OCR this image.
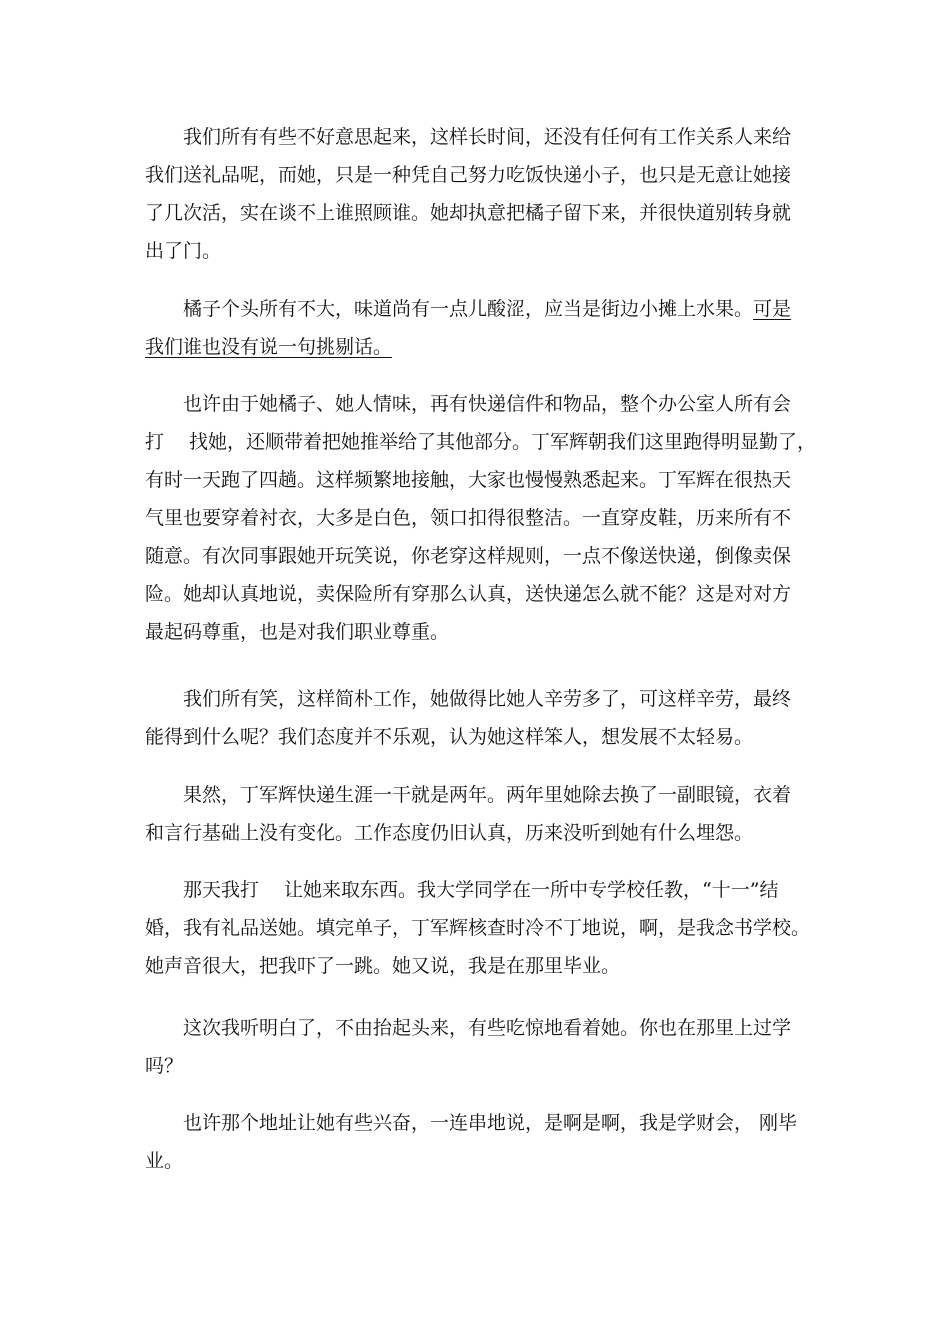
我们所有有些不好意思起来，这样长时间，还没有任何有工作关系人来给
我们送礼品呢，而她，只是一种凭自己努力吃饭快递小子，也只是无意让她接
了几次活，实在谈不上谁照顾谁。她却执意把橘子留下来，并很快道别转身就
出了门。
橘子个头所有不大，味道尚有一点儿酸涩，应当是街边小摊上水果。可是
我们谁也没有说一句挑剔话。
也许由于她橘子、她人情味，再有快递信件和物品，整个办公室人所有会
打　 找她，还顺带着把她推举给了其他部分。丁军辉朝我们这里跑得明显勤了，
有时一天跑了四趟。这样频繁地接触，大家也慢慢熟悉起来。丁军辉在很热天
气里也要穿着衬衣，大多是白色，领口扣得很整洁。一直穿皮鞋，历来所有不
随意。有次同事跟她开玩笑说，你老穿这样规则，一点不像送快递，倒像卖保
险。她却认真地说，卖保险所有穿那么认真，送快递怎么就不能？这是对对方
最起码尊重，也是对我们职业尊重。
我们所有笑，这样简朴工作，她做得比她人辛劳多了，可这样辛劳，最终
能得到什么呢？我们态度并不乐观，认为她这样笨人，想发展不太轻易。
果然，丁军辉快递生涯一干就是两年。两年里她除去换了一副眼镜，衣着
和言行基础上没有变化。工作态度仍旧认真，历来没听到她有什么埋怨。
那天我打　 让她来取东西。我大学同学在一所中专学校任教，“十一”结
婚，我有礼品送她。填完单子，丁军辉核查时冷不丁地说，啊，是我念书学校。
她声音很大，把我吓了一跳。她又说，我是在那里毕业。
这次我听明白了，不由抬起头来，有些吃惊地看着她。你也在那里上过学
吗？
也许那个地址让她有些兴奋，一连串地说，是啊是啊，我是学财会， 刚毕
业。
